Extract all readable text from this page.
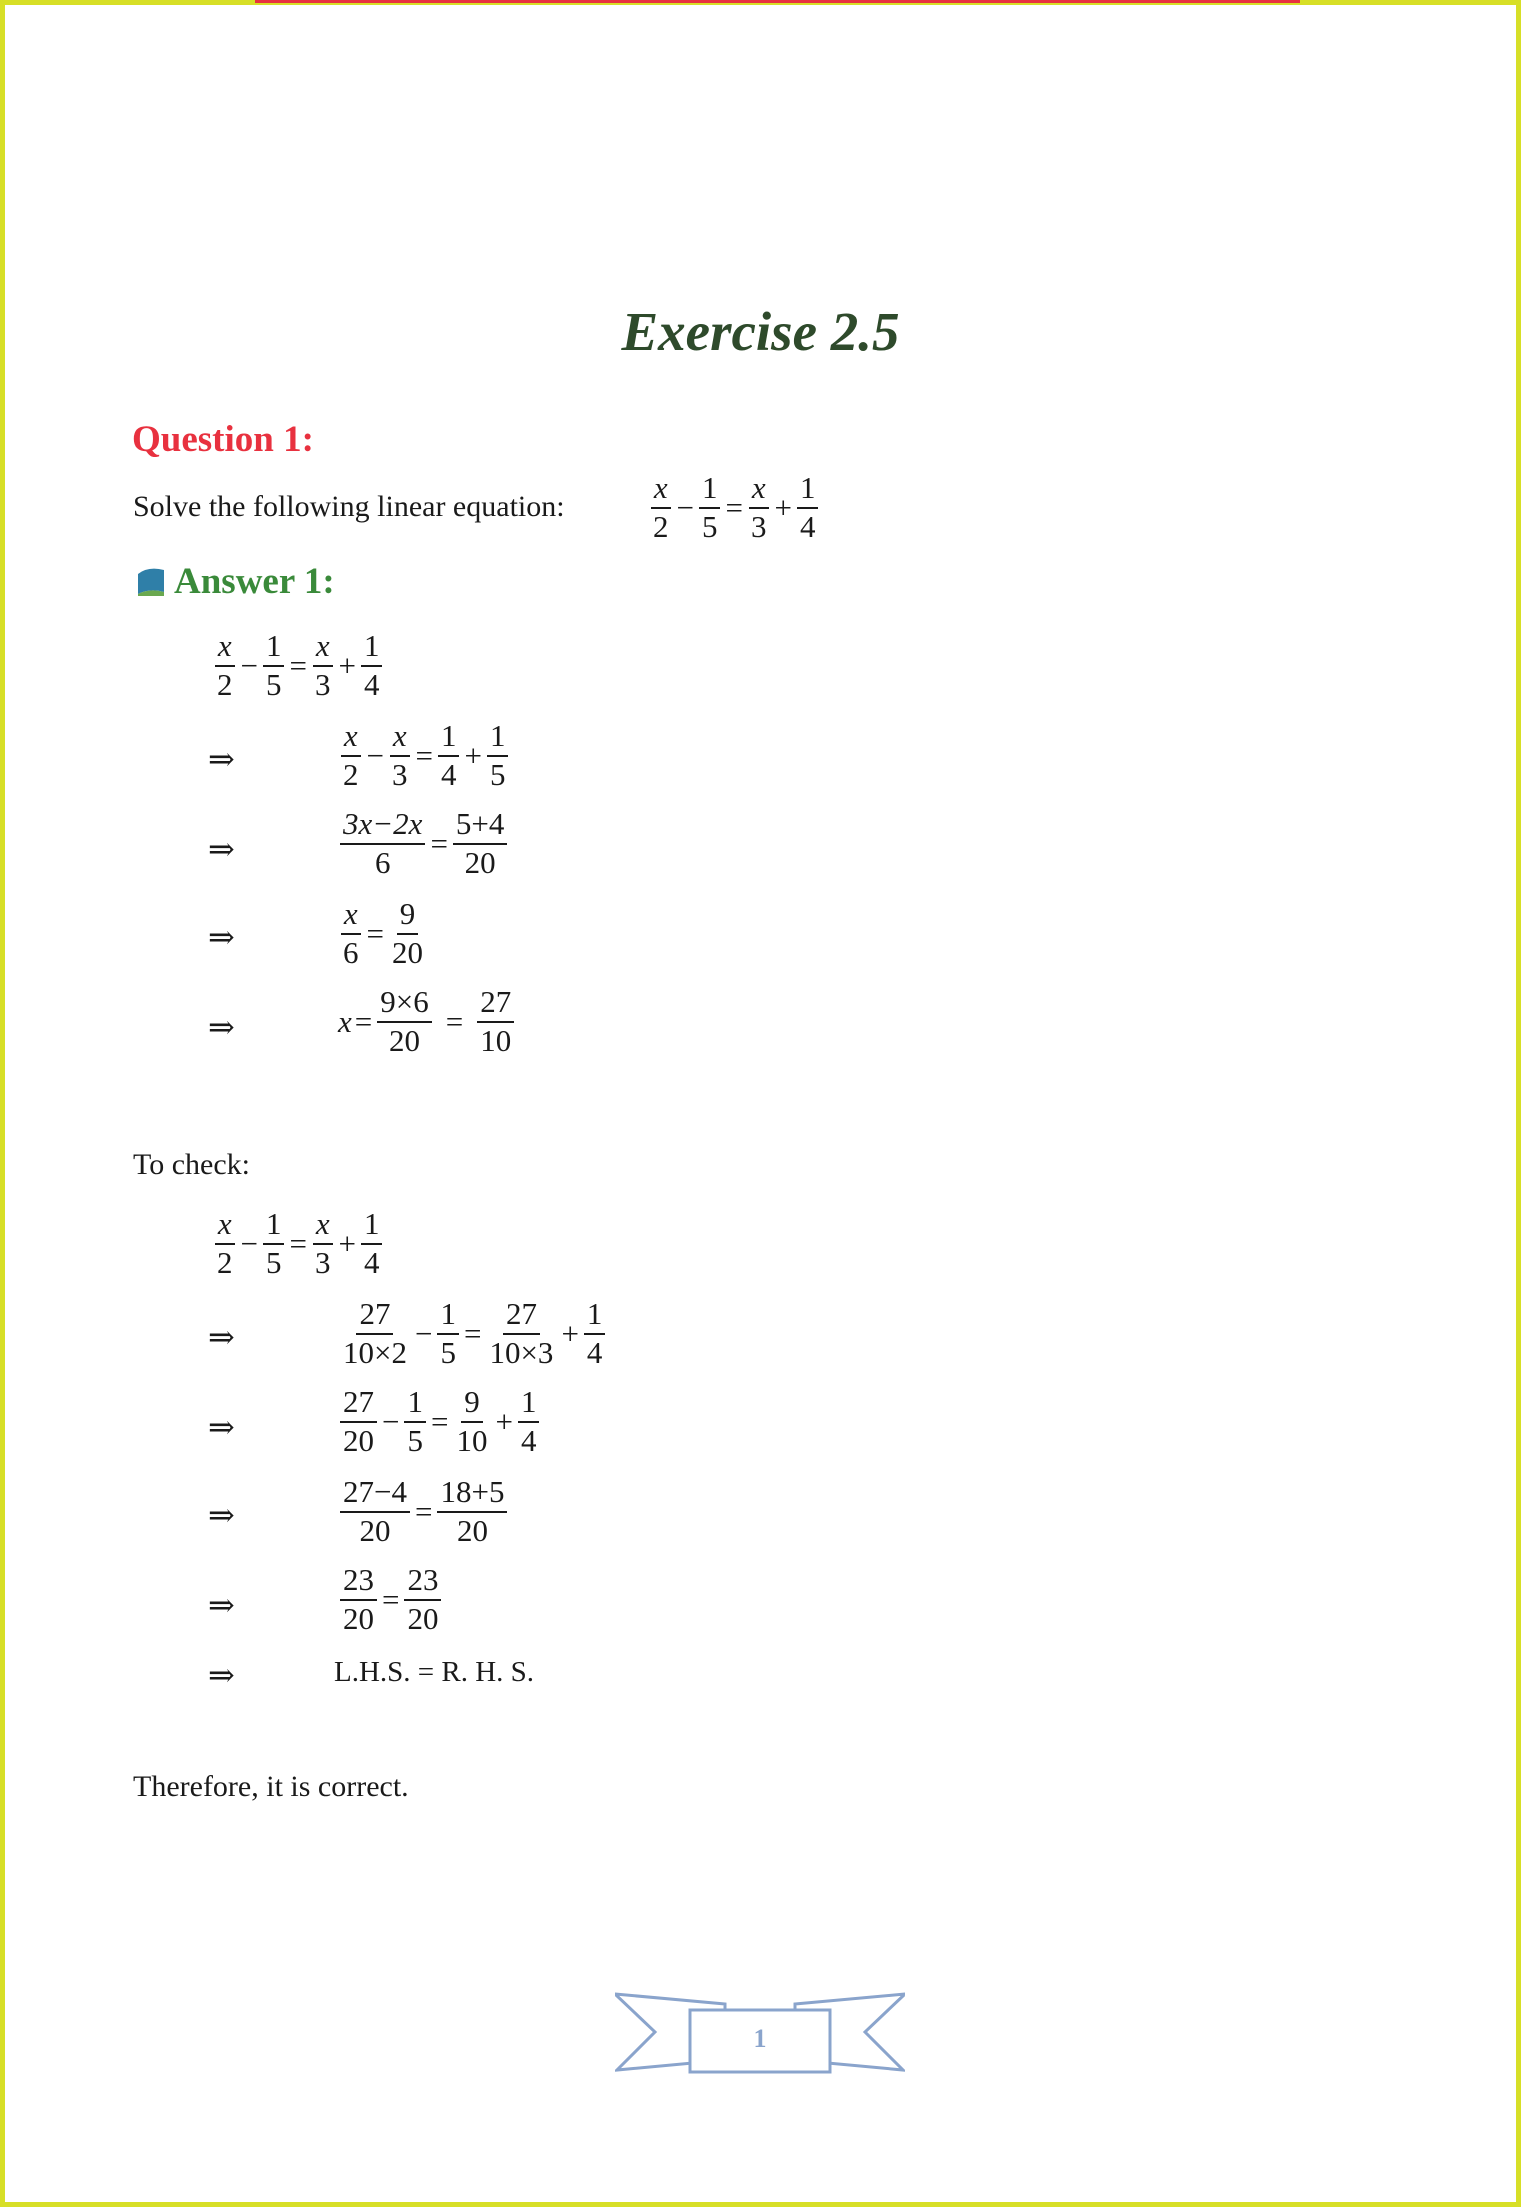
Exercise 2.5
Question 1:
Solve the following linear equation:	$\frac{x}{2} - \frac{1}{5} = \frac{x}{3} + \frac{1}{4}$
Answer 1:
$\frac{x}{2} - \frac{1}{5} = \frac{x}{3} + \frac{1}{4}$
⇒	$\frac{x}{2} - \frac{x}{3} = \frac{1}{4} + \frac{1}{5}$
⇒	$\frac{3x-2x}{6} = \frac{5+4}{20}$
⇒	$\frac{x}{6} = \frac{9}{20}$
⇒	$x = \frac{9\times 6}{20} = \frac{27}{10}$
To check:
$\frac{x}{2} - \frac{1}{5} = \frac{x}{3} + \frac{1}{4}$
⇒	$\frac{27}{10\times 2} - \frac{1}{5} = \frac{27}{10\times 3} + \frac{1}{4}$
⇒	$\frac{27}{20} - \frac{1}{5} = \frac{9}{10} + \frac{1}{4}$
⇒	$\frac{27-4}{20} = \frac{18+5}{20}$
⇒	$\frac{23}{20} = \frac{23}{20}$
⇒	L.H.S. = R. H. S.
Therefore, it is correct.
1
